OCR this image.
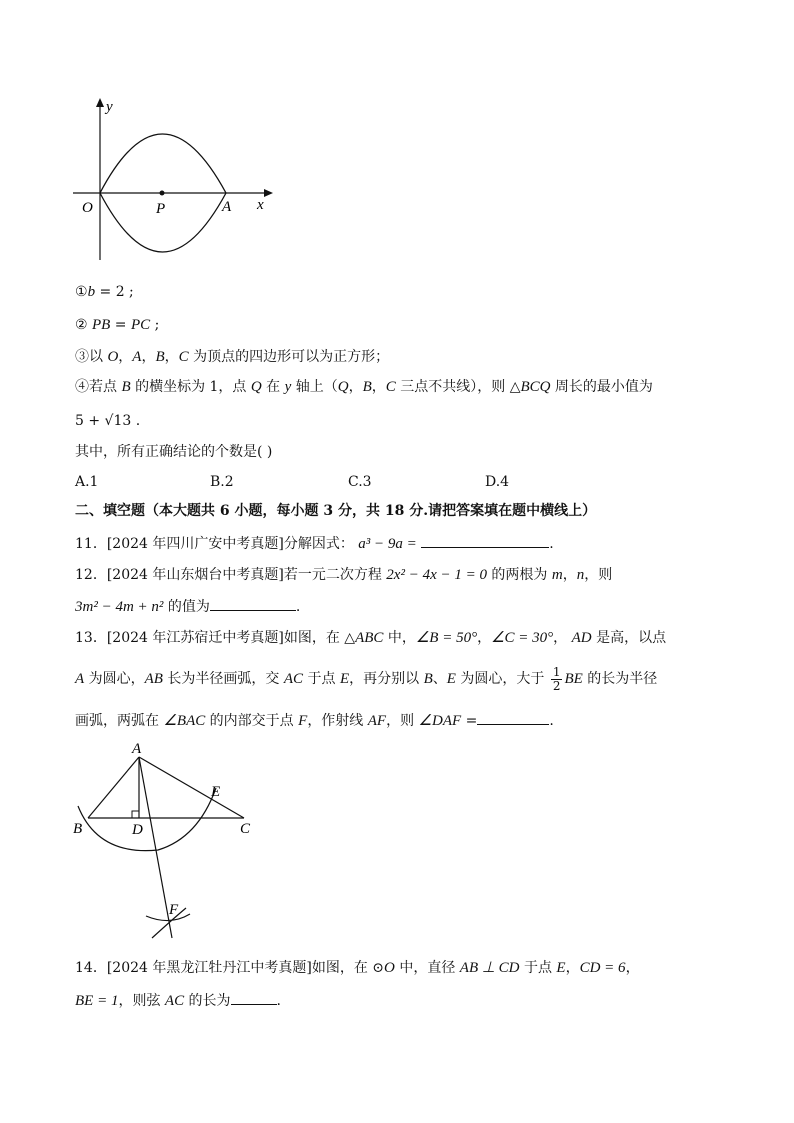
y
x
O	P	A
①b = 2 ;
② PB = PC ;
③以 O，A，B，C 为顶点的四边形可以为正方形；
④若点 B 的横坐标为 1，点 Q 在 y 轴上（Q，B，C 三点不共线），则 △BCQ 周长的最小值为
5 + √13 .
其中，所有正确结论的个数是( )
A.1	B.2	C.3	D.4
二、填空题（本大题共 6 小题，每小题 3 分，共 18 分.请把答案填在题中横线上）
11．[2024 年四川广安中考真题]分解因式： a³ − 9a =	.
12．[2024 年山东烟台中考真题]若一元二次方程 2x² − 4x − 1 = 0 的两根为 m，n，则
3m² − 4m + n² 的值为	.
13．[2024 年江苏宿迁中考真题]如图，在 △ABC 中，∠B = 50°，∠C = 30°， AD 是高，以点
A 为圆心，AB 长为半径画弧，交 AC 于点 E，再分别以 B、E 为圆心，大于 $\frac{1}{2}$ BE 的长为半径
画弧，两弧在 ∠BAC 的内部交于点 F，作射线 AF，则 ∠DAF =	.
A
B	C
D
E
F
14．[2024 年黑龙江牡丹江中考真题]如图，在 ⊙O 中，直径 AB ⊥ CD 于点 E，CD = 6，
BE = 1，则弦 AC 的长为	.
